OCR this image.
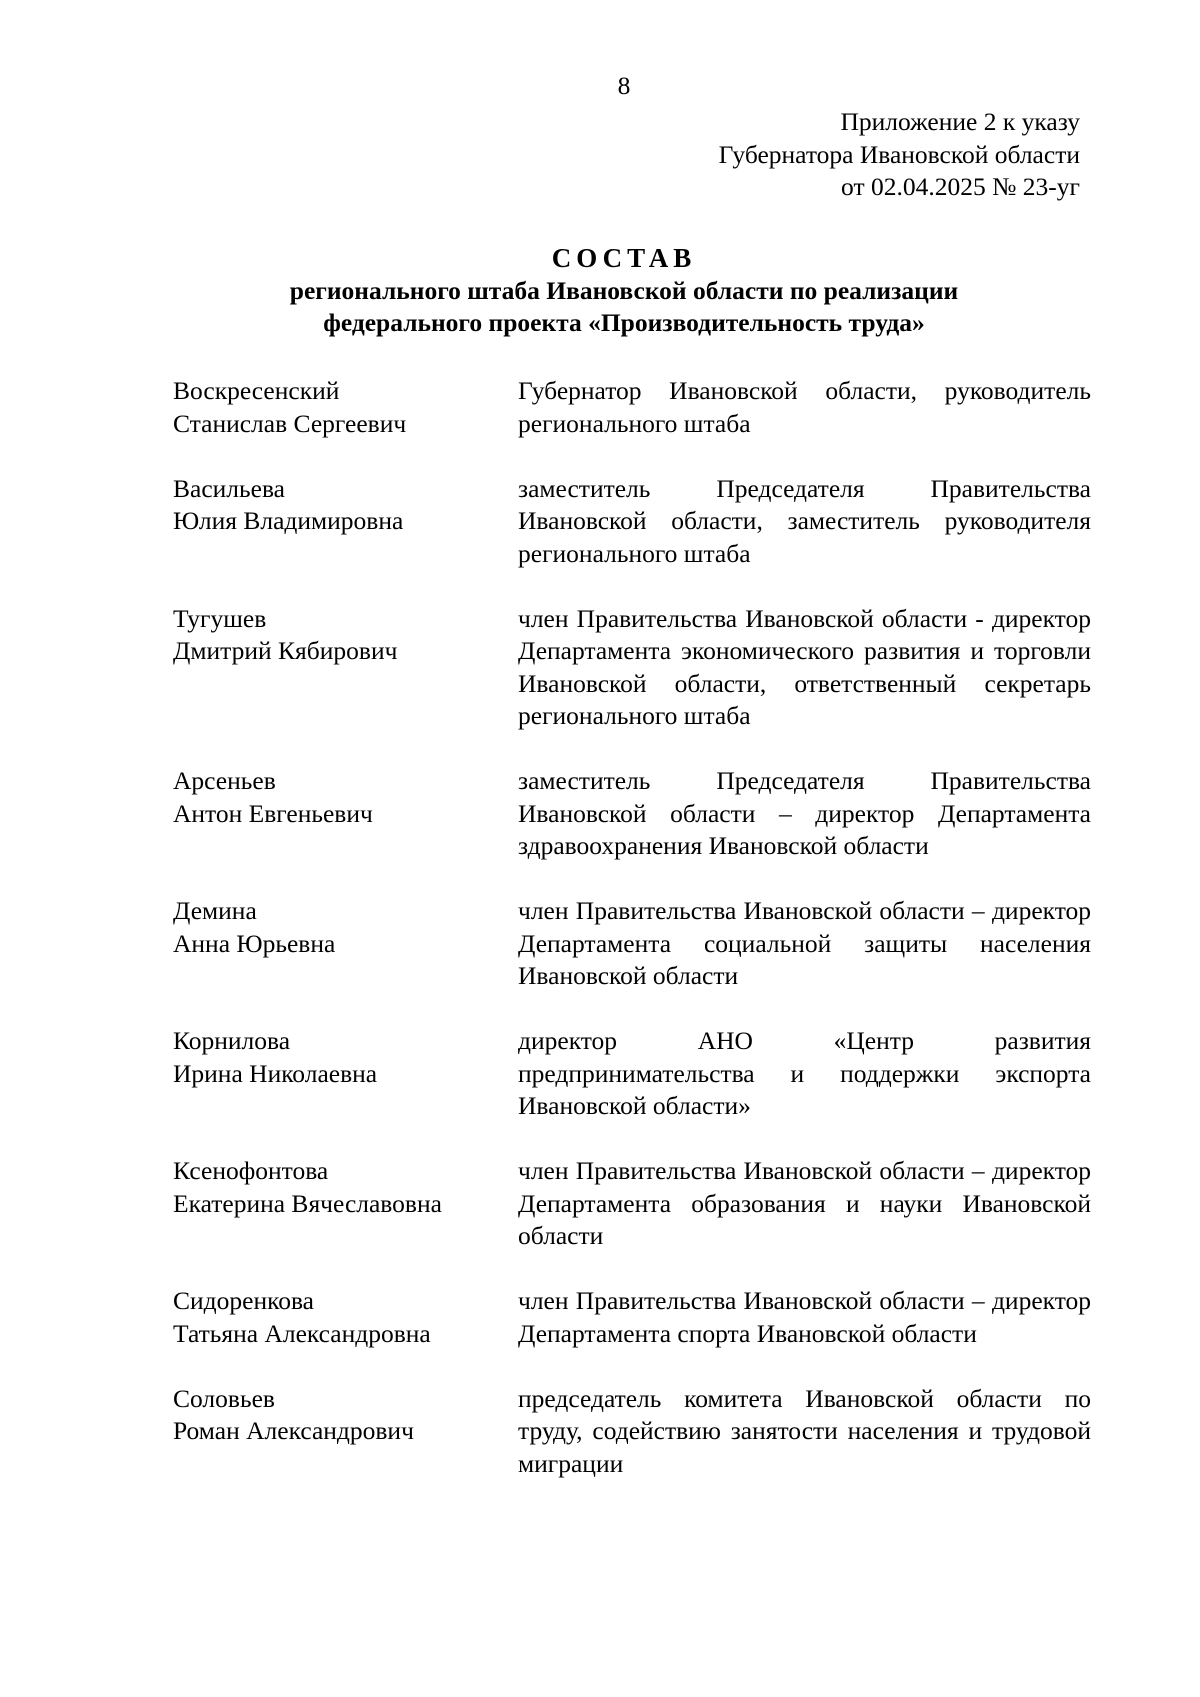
8
Приложение 2 к указу
Губернатора Ивановской области
от 02.04.2025 № 23-уг
СОСТАВ
регионального штаба Ивановской области по реализации
федерального проекта «Производительность труда»
Воскресенский
Станислав Сергеевич
Губернатор Ивановской области, руководитель регионального штаба
Васильева
Юлия Владимировна
заместитель Председателя Правительства Ивановской области, заместитель руководителя регионального штаба
Тугушев
Дмитрий Кябирович
член Правительства Ивановской области - директор Департамента экономического развития и торговли Ивановской области, ответственный секретарь регионального штаба
Арсеньев
Антон Евгеньевич
заместитель Председателя Правительства Ивановской области – директор Департамента здравоохранения Ивановской области
Демина
Анна Юрьевна
член Правительства Ивановской области – директор Департамента социальной защиты населения Ивановской области
Корнилова
Ирина Николаевна
директор АНО «Центр развития предпринимательства и поддержки экспорта Ивановской области»
Ксенофонтова
Екатерина Вячеславовна
член Правительства Ивановской области – директор Департамента образования и науки Ивановской области
Сидоренкова
Татьяна Александровна
член Правительства Ивановской области – директор Департамента спорта Ивановской области
Соловьев
Роман Александрович
председатель комитета Ивановской области по труду, содействию занятости населения и трудовой миграции
